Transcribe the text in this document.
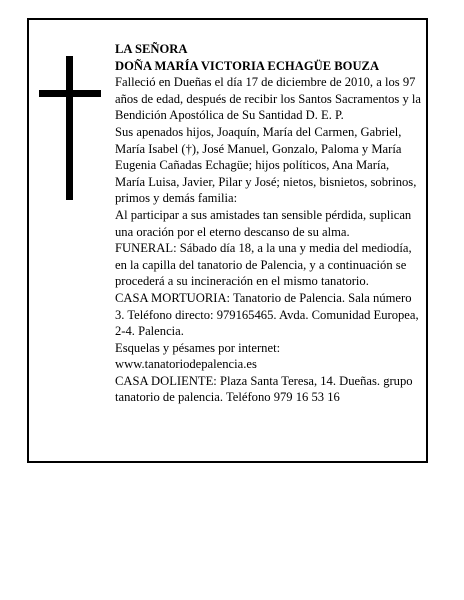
LA SEÑORA

DOÑA MARÍA VICTORIA ECHAGÜE BOUZA

Falleció en Dueñas el día 17 de diciembre de 2010, a los 97 años de edad, después de recibir los Santos Sacramentos y la Bendición Apostólica de Su Santidad D. E. P.

Sus apenados hijos, Joaquín, María del Carmen, Gabriel, María Isabel (†), José Manuel, Gonzalo, Paloma y María Eugenia Cañadas Echagüe; hijos políticos, Ana María, María Luisa, Javier, Pilar y José; nietos, bisnietos, sobrinos, primos y demás familia:

Al participar a sus amistades tan sensible pérdida, suplican una oración por el eterno descanso de su alma.

FUNERAL: Sábado día 18, a la una y media del mediodía, en la capilla del tanatorio de Palencia, y a continuación se procederá a su incineración en el mismo tanatorio.

CASA MORTUORIA: Tanatorio de Palencia. Sala número 3. Teléfono directo: 979165465. Avda. Comunidad Europea, 2-4. Palencia.

Esquelas y pésames por internet: www.tanatoriodepalencia.es

CASA DOLIENTE: Plaza Santa Teresa, 14. Dueñas. grupo tanatorio de palencia. Teléfono 979 16 53 16
